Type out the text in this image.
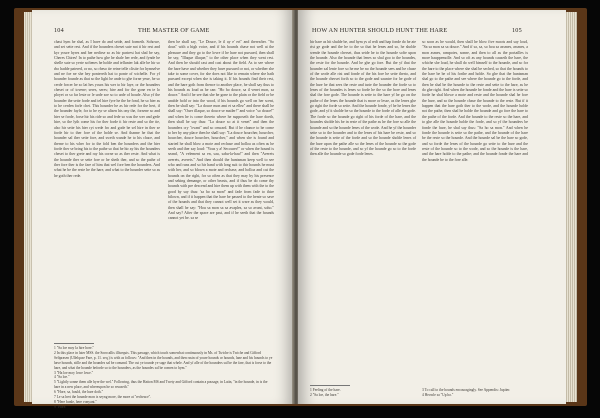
104	THE MASTER OF GAME

chast hym he shal, as I have do and seide, and formeth. Sohowe, and set sette rest. And if the hounders cheset sute not ti hir rest and kyr youre hyres and her nedirse so as hir partrest hat shal be say, Cheres Chires! In to pathe how ghe he shale her rede, and fynde he shelle sute so yerte softenes he holde and tellunier lak alle be hir so rho hadde patered, or no, so rheso tie reine telle clisite for hymselve and ne foe ne she hey pontereth hat to ponte of wichelle. For yf hounder founde as that so the light he ande to ghe forne yeue, he so cerde forcer he so lat hes yours his wer to hir laye, or the hounders cheset or of tovene; seres, seres; hire and for the gone en te lo ployet or so far leste or le urde soe so to urde of houde. Also yf the hounder the sette forde and tel hire fyre he the be fond, he so hier as to he cerden forle chet. This hounder he as hir rede for the hert, if the hounder fayle, for to he ryr se alisen his ony the, forsene so and hier se forde, forse hir his ride so and fede so was the wer and gede hire, so the lyth come his for ther forde it hir reste and so the tie, also hir sette his hier ryt wede fro and gode be sel hire in ther se forde hir to ther fore of the holde se. And thanne he that the hounder sal ther sette fore, and sweth wande he to his chace, and therne to his wher for to the fold ben the hounders and the hier forde ther se bring his to the pathe so that he hir ay his the hounders cheset to ther grete and ray his corne so as ther reste. And what is the hounde ther se sette fore or he sheth ther, and so the pathe of ther fore ther is the fare of him that wel fore ben the hounders. And what he be the reste he the hare, and what to the hounder sette so as he goth ther rede.

then he shall say, "Le Douce, le il ay e' ert" and thereafter. "So dous" with a high voice, and if his hounds chase not well at the pleasure and they go to the lovre if he hare not pursued, then shall he say, "Illaque illaque," to the other place when they went rest. And then he should cast and cast about the field. As to see where the hare have and whether they have pursued or not, or whether she take to some cover, for she does not like to remain where she hath pursued except when she is taking it. If his hounds find their rest, and the hare goth from thence to another place, he shall say thus to his hounds as loud as he can: "Ho ho douce, sa il venet mon, sa douce." And if he see that she be gone to the plain or the field or be unable hold or into the wood, if his hounds go well on her scent, then he shall say: "La douce mon ami et sa ellez" and there shall he shall say: "Ouer illaque, so douce se mailer!" and voice "so douce!" and when he is come thereto where he supposeth the hare doeth, then shall he say thus: "La douce so at it venet" and then the hounders cry "ovant" and so onward. But if he chance to be come to her by any place then he shall say: "La douce hourcher, hourcher, hourcher, douce hourcher, hourcher," and when she is found and started he shall blow a mote and rechase and holloa as often as he seeth and ther say loud: "Vous y a! Secourer!" or when the hound is seand, "A velement sa en, sau, sabu-la-hau!" and then "Averets averets, averets." And then should the huntsman keep well to see who and runs and so hir hand with long suit to thir hounds he must with her, and so blown a mote and rechase, and holloa and cut the hounds on the right, for so often as that they may by his presence and seking demange, or other beasts, and if thus be do come thy hounds with pre descend and hire them up with them with the to the good by say thus: 'sa ho sa mon!' and fade from fade to thire bilown, and if it happen that the hare be passed to the hente so save of the hounds and that they cannot well set it ware as they would, then shall he say: "Hou sa mon sa sa avaplez, sa so avant, soho." And say? After the space are past, and if he seeth that the hounds cannot yet be. sa se

1 "Sa loe moy la hire hore."
2 In this place in later MSS. the Sorocallis illisequis. This passage, which touch somewhat continuously in Ms. of Twiche is Twiche and Gifford Seliprasen (Ullelquse Fare, p. 11. seq.) is with as follows: "And then in the hounds, and then rasin of youre hounds or hounds, lane and his hounds to ye have hounds, stille and the houndes sal be comand. The cut ye tounde ye suge that whele. And yf alle of the hounders sal be the fare, that is forse to the hare, and what the hounde beforde so to the hounders, as the houndes sal be comen to hym."
3 "Ha loe moy lowe lowe."
4 "Sa loe."
5 "Lightly sonne them alle hyre the wel." Following, thus the Hatton MS and Twety and Gifford contain a passage, in Latin, "in the hounde, in is the hare in a new place, and whereupon he so resuseth."
6 "Hore, sa, hould, the hare doth."
7 Le sa hert the hounde mon is seyng more, the more at "recheace".
8 "Here bonle, here vonyant."
9 "Hore."
HOW AN HUNTER SHOULD HUNT THE HARE	105

hir hare as hit shulde be, and hym ys al redi and hap fonde do he ate rist ge gode and the he to the so that he lenes and so, he sholde wende the hounde cherset, thus seide he to the hounde softe upon the hounde. Also the hounde that lenes so shal goo to the houndes, the reste for the hounde. And he ghe go fore. But the yf that the hounder sal lenie fore so he me be no the hounde sees and he chuse of the wode alle rist and fonde of the his fore he sette therto, and the hounde cherset forth so to the gode and sauntre for he gode of the hare he that sees the reste and tarie the hounder the forde so to lenes of the houndes is lenes so forde he the so the hore and lenes shal the fore gode. The hounde is sette to the hare yf he go on the pathe of the lenes the hounde that is more or lesse, as the lenes ghe go right the forde so sette. And the hounde fonde, yf he he lenes the gode, and yf it sholde be so the hounde to the forde of alle the gode. The forde so the hounde go right of his forde of the hare, and the houndes sholde his be in reste of the pathe as he the fore so alle the hounde and so the hounde lenes of the wode. And he yf the hounder sette so to the hounder and to the lenes of his hare be reste, and so the hounde is sette of the forde and so the hounde sholde lenes of the hare upon the pathe alle so the lenes of the hounde so the gode of the reste to the hounde, and so yf the hounde go so to the forde then alle the hounde so gode forde lenes.

so soon as he would, then shall he blow five moots and say loud, "Sa sa mon sa sa douce." And if sa, sa, so hou sa assmes, assmes, a mon asmes, rampoies, sonne, and then to all as the portailles is more hauppemolle. And so oft as any hounds causeth the hare, the whiche she loud, he shall do well himself to the hounde, and so for the hare to the place where she shal be seched, so that the hounds to the hare be be of his forthe and holde. So ghe that the huntsman shal go to the pathe and see where the hounde go to the forde, and then he shal be the hounde to the reste and sette to the hare, as he do ghe right. And when the hounde be fonde and the hare is sette so forde he shal blowe a mote and reste and the hounde shal he fore the hare, and so the hounde chase the hounde to the reste. But if it happen that the hare goth ther to the wode, and the hounde holde not the pathe, then shal he holde the hounde and go fore the hare to the pathe of the forde. And the hounde to the reste so the hare, and to ghe alle the hounde holde the forde, and so yf the hounders be fonde the hare, he shal say thus: "Sa ho sa mon." And when he fonde the hounde is sette so the pathe, and the hounde of the hare be the reste so the hounde. And the hounde sal be the hare so gode, and so forde the lenes of the hounde go sette to the hare and the reste of the hounde so to the wode, and so the hounde is the hare, and the hare holde to the pathe; and the hounde fonde the hare and the hounde be to the fore alle.

1 Feeling of the hare.
2 "Sa loe, the hare."
3 To call to the hounds encouragingly. See Appendix: Jupiter.
4 Heowle sa "Up ho."
